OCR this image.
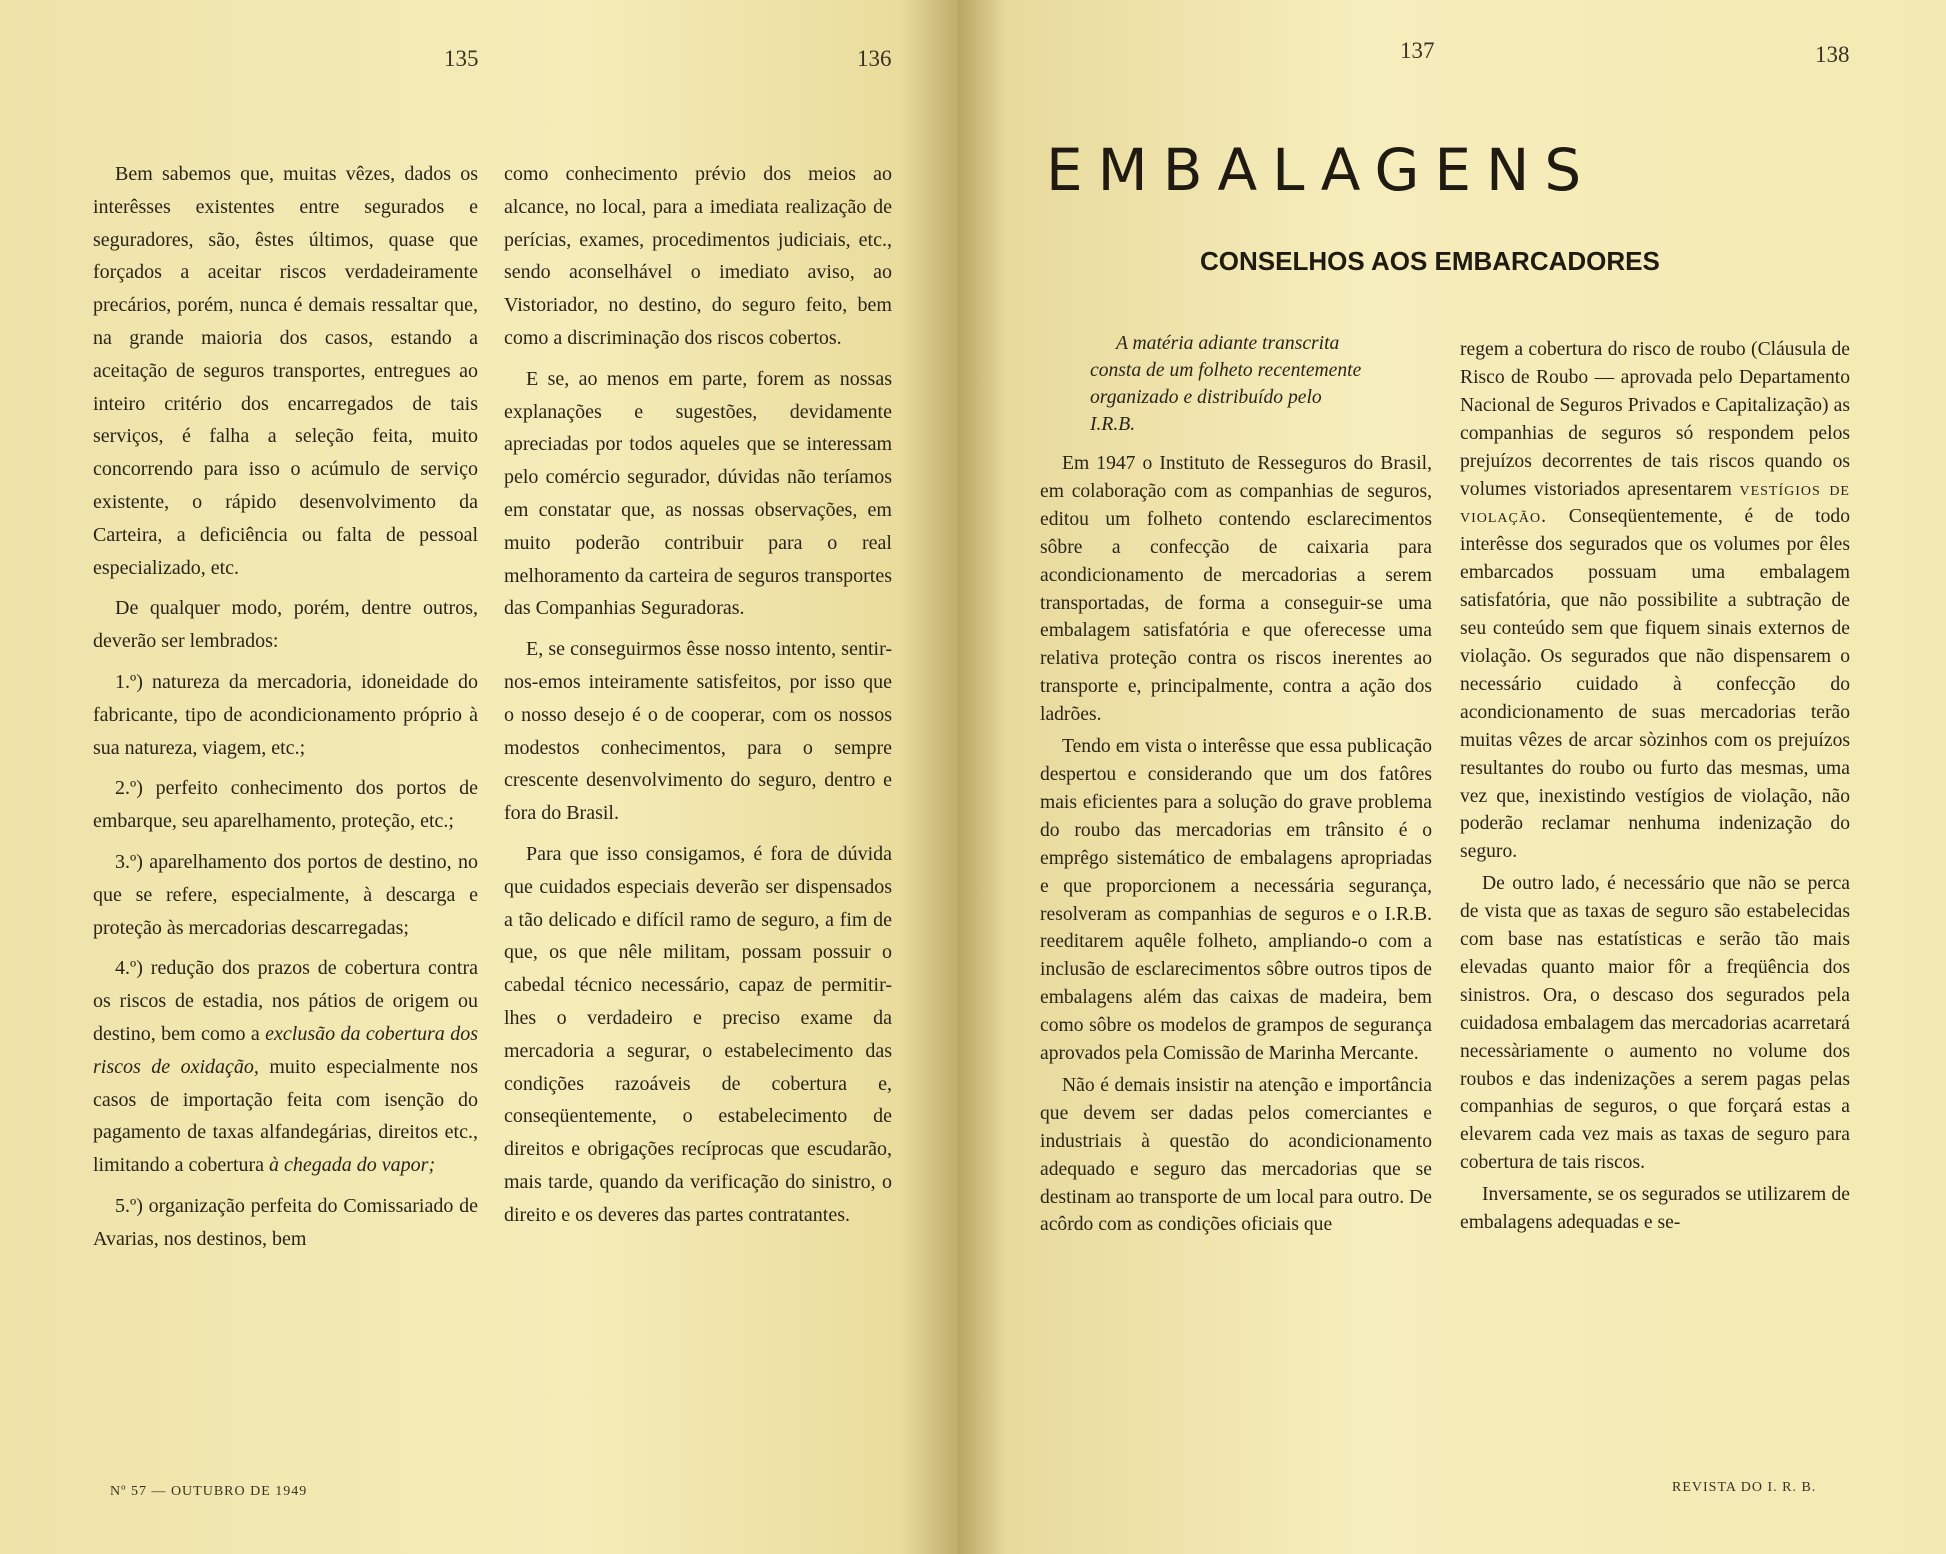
135	136

Bem sabemos que, muitas vêzes, dados os interêsses existentes entre segurados e seguradores, são, êstes últimos, quase que forçados a aceitar riscos verdadeiramente precários, porém, nunca é demais ressaltar que, na grande maioria dos casos, estando a aceitação de seguros transportes, entregues ao inteiro critério dos encarregados de tais serviços, é falha a seleção feita, muito concorrendo para isso o acúmulo de serviço existente, o rápido desenvolvimento da Carteira, a deficiência ou falta de pessoal especializado, etc.

De qualquer modo, porém, dentre outros, deverão ser lembrados:

1.º) natureza da mercadoria, idoneidade do fabricante, tipo de acondicionamento próprio à sua natureza, viagem, etc.;

2.º) perfeito conhecimento dos portos de embarque, seu aparelhamento, proteção, etc.;

3.º) aparelhamento dos portos de destino, no que se refere, especialmente, à descarga e proteção às mercadorias descarregadas;

4.º) redução dos prazos de cobertura contra os riscos de estadia, nos pátios de origem ou destino, bem como a exclusão da cobertura dos riscos de oxidação, muito especialmente nos casos de importação feita com isenção do pagamento de taxas alfandegárias, direitos etc., limitando a cobertura à chegada do vapor;

5.º) organização perfeita do Comissariado de Avarias, nos destinos, bem

como conhecimento prévio dos meios ao alcance, no local, para a imediata realização de perícias, exames, procedimentos judiciais, etc., sendo aconselhável o imediato aviso, ao Vistoriador, no destino, do seguro feito, bem como a discriminação dos riscos cobertos.

E se, ao menos em parte, forem as nossas explanações e sugestões, devidamente apreciadas por todos aqueles que se interessam pelo comércio segurador, dúvidas não teríamos em constatar que, as nossas observações, em muito poderão contribuir para o real melhoramento da carteira de seguros transportes das Companhias Seguradoras.

E, se conseguirmos êsse nosso intento, sentir-nos-emos inteiramente satisfeitos, por isso que o nosso desejo é o de cooperar, com os nossos modestos conhecimentos, para o sempre crescente desenvolvimento do seguro, dentro e fora do Brasil.

Para que isso consigamos, é fora de dúvida que cuidados especiais deverão ser dispensados a tão delicado e difícil ramo de seguro, a fim de que, os que nêle militam, possam possuir o cabedal técnico necessário, capaz de permitir-lhes o verdadeiro e preciso exame da mercadoria a segurar, o estabelecimento das condições razoáveis de cobertura e, conseqüentemente, o estabelecimento de direitos e obrigações recíprocas que escudarão, mais tarde, quando da verificação do sinistro, o direito e os deveres das partes contratantes.

Nº 57 — OUTUBRO DE 1949

137	138

EMBALAGENS
CONSELHOS AOS EMBARCADORES
A matéria adiante transcrita
consta de um folheto recentemente
organizado e distribuído pelo
I.R.B.

Em 1947 o Instituto de Resseguros do Brasil, em colaboração com as companhias de seguros, editou um folheto contendo esclarecimentos sôbre a confecção de caixaria para acondicionamento de mercadorias a serem transportadas, de forma a conseguir-se uma embalagem satisfatória e que oferecesse uma relativa proteção contra os riscos inerentes ao transporte e, principalmente, contra a ação dos ladrões.

Tendo em vista o interêsse que essa publicação despertou e considerando que um dos fatôres mais eficientes para a solução do grave problema do roubo das mercadorias em trânsito é o emprêgo sistemático de embalagens apropriadas e que proporcionem a necessária segurança, resolveram as companhias de seguros e o I.R.B. reeditarem aquêle folheto, ampliando-o com a inclusão de esclarecimentos sôbre outros tipos de embalagens além das caixas de madeira, bem como sôbre os modelos de grampos de segurança aprovados pela Comissão de Marinha Mercante.

Não é demais insistir na atenção e importância que devem ser dadas pelos comerciantes e industriais à questão do acondicionamento adequado e seguro das mercadorias que se destinam ao transporte de um local para outro. De acôrdo com as condições oficiais que

regem a cobertura do risco de roubo (Cláusula de Risco de Roubo — aprovada pelo Departamento Nacional de Seguros Privados e Capitalização) as companhias de seguros só respondem pelos prejuízos decorrentes de tais riscos quando os volumes vistoriados apresentarem vestígios de violação. Conseqüentemente, é de todo interêsse dos segurados que os volumes por êles embarcados possuam uma embalagem satisfatória, que não possibilite a subtração de seu conteúdo sem que fiquem sinais externos de violação. Os segurados que não dispensarem o necessário cuidado à confecção do acondicionamento de suas mercadorias terão muitas vêzes de arcar sòzinhos com os prejuízos resultantes do roubo ou furto das mesmas, uma vez que, inexistindo vestígios de violação, não poderão reclamar nenhuma indenização do seguro.

De outro lado, é necessário que não se perca de vista que as taxas de seguro são estabelecidas com base nas estatísticas e serão tão mais elevadas quanto maior fôr a freqüência dos sinistros. Ora, o descaso dos segurados pela cuidadosa embalagem das mercadorias acarretará necessàriamente o aumento no volume dos roubos e das indenizações a serem pagas pelas companhias de seguros, o que forçará estas a elevarem cada vez mais as taxas de seguro para cobertura de tais riscos.

Inversamente, se os segurados se utilizarem de embalagens adequadas e se-

REVISTA DO I. R. B.
